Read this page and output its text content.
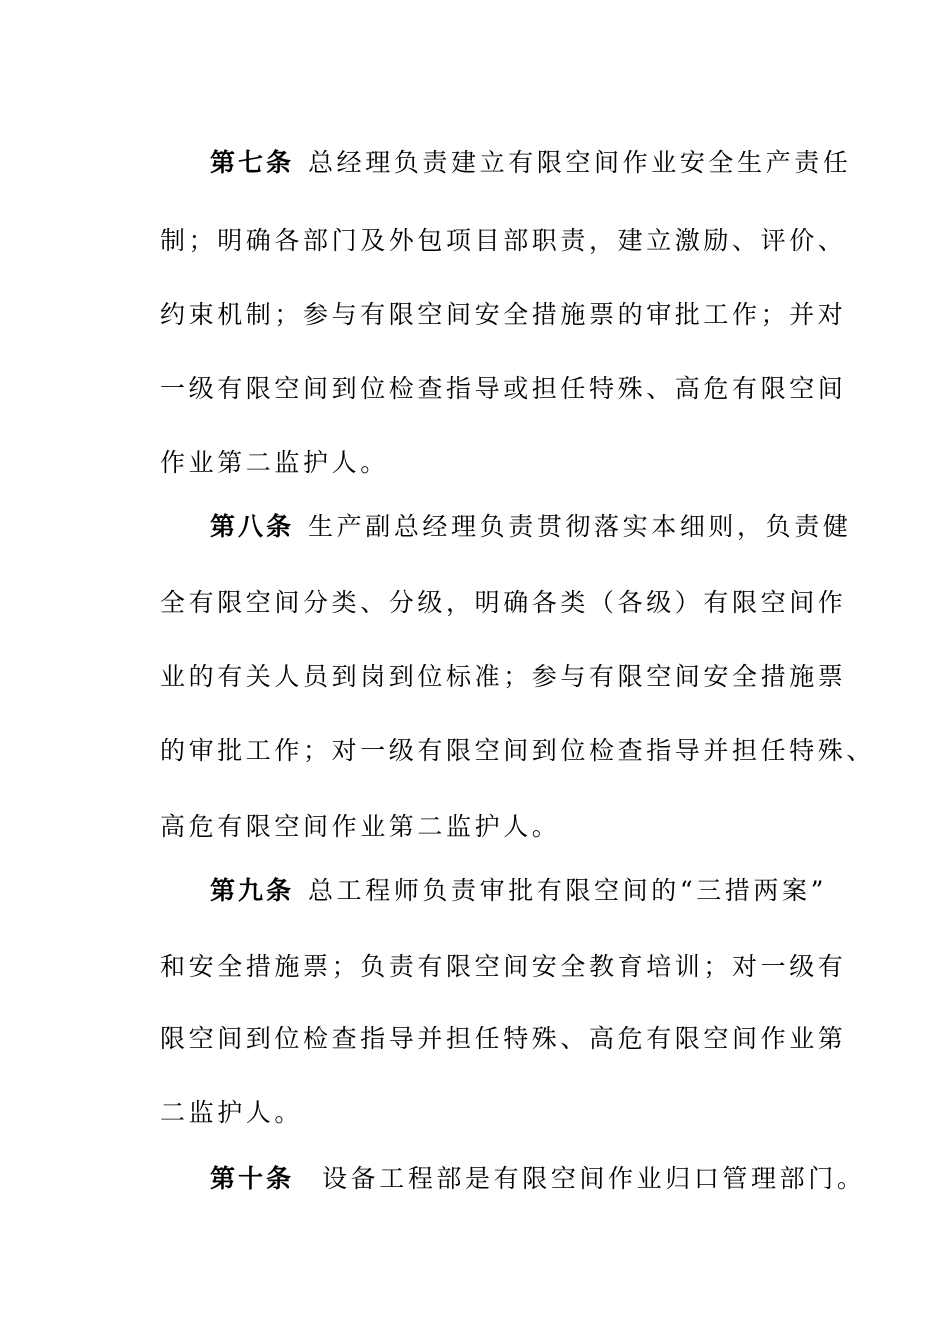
第七条 总经理负责建立有限空间作业安全生产责任
制；明确各部门及外包项目部职责，建立激励、评价、
约束机制；参与有限空间安全措施票的审批工作；并对
一级有限空间到位检查指导或担任特殊、高危有限空间
作业第二监护人。
第八条 生产副总经理负责贯彻落实本细则，负责健
全有限空间分类、分级，明确各类（各级）有限空间作
业的有关人员到岗到位标准；参与有限空间安全措施票
的审批工作；对一级有限空间到位检查指导并担任特殊、
高危有限空间作业第二监护人。
第九条 总工程师负责审批有限空间的“三措两案”
和安全措施票；负责有限空间安全教育培训；对一级有
限空间到位检查指导并担任特殊、高危有限空间作业第
二监护人。
第十条 设备工程部是有限空间作业归口管理部门。
